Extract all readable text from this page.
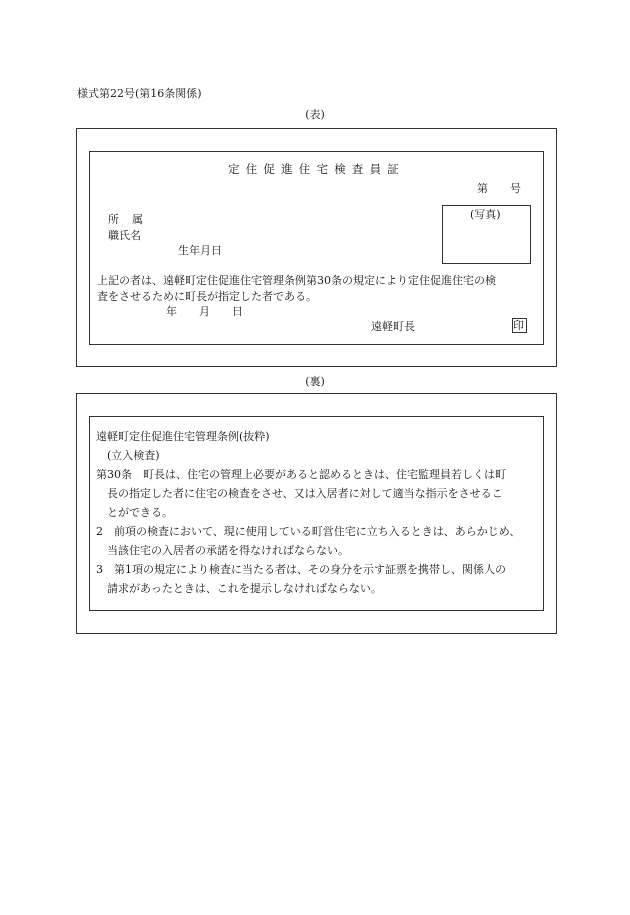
様式第22号(第16条関係)
(表)
定住促進住宅検査員証
第 号
(写真)
所 属
職氏名
生年月日
上記の者は、遠軽町定住促進住宅管理条例第30条の規定により定住促進住宅の検
査をさせるために町長が指定した者である。
年 月 日
遠軽町長	印
(裏)
遠軽町定住促進住宅管理条例(抜粋)
(立入検査)
第30条　町長は、住宅の管理上必要があると認めるときは、住宅監理員若しくは町
長の指定した者に住宅の検査をさせ、又は入居者に対して適当な指示をさせるこ
とができる。
2　前項の検査において、現に使用している町営住宅に立ち入るときは、あらかじめ、
当該住宅の入居者の承諾を得なければならない。
3　第1項の規定により検査に当たる者は、その身分を示す証票を携帯し、関係人の
請求があったときは、これを提示しなければならない。
